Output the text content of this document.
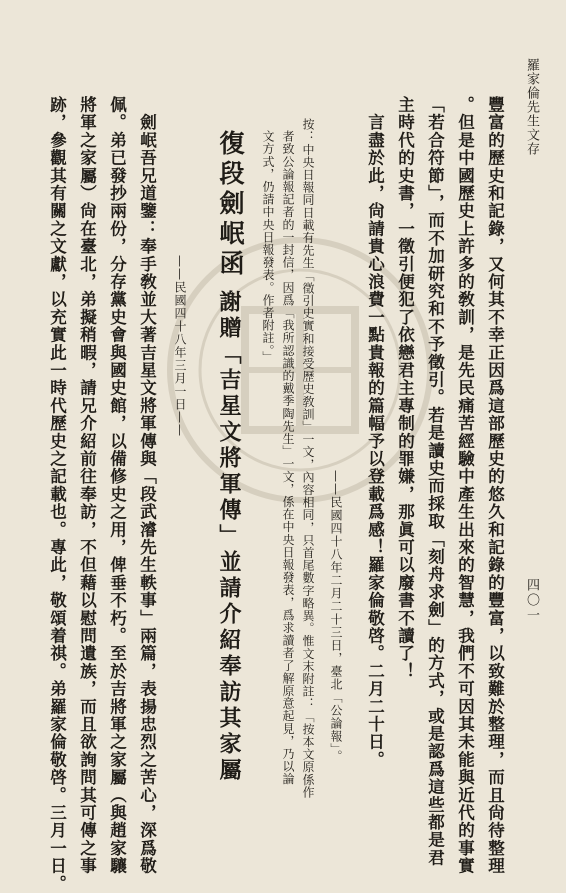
羅家倫先生文存
四〇一
豐富的歷史和記錄，又何其不幸正因爲這部歷史的悠久和記錄的豐富，以致難於整理，而且尙待整理
。但是中國歷史上許多的敎訓，是先民痛苦經驗中產生出來的智慧，我們不可因其未能與近代的事實
「若合符節」，而不加研究和不予徵引。若是讀史而採取「刻舟求劍」的方式，或是認爲這些都是君
主時代的史書，一徵引便犯了依戀君主專制的罪嫌，那眞可以廢書不讀了！
　言盡於此，尙請貴心浪費一點貴報的篇幅予以登載爲感！羅家倫敬啓。二月二十日。
——民國四十八年二月二十三日，臺北「公論報」。
按：中央日報同日載有先生「徵引史實和接受歷史敎訓」一文，內容相同，只首尾數字略異。惟文末附註：「按本文原係作
者致公論報記者的一封信，因爲「我所認識的戴季陶先生」一文，係在中央日報發表，爲求讀者了解原意起見，乃以論
文方式，仍請中央日報發表。作者附註。」
復段劍岷函
謝贈「吉星文將軍傳」並請介紹奉訪其家屬
——民國四十八年三月一日——
　劍岷吾兄道鑒：奉手敎並大著吉星文將軍傳與「段武濬先生軼事」兩篇，表揚忠烈之苦心，深爲敬
佩。弟已發抄兩份，分存黨史會與國史館，以備修史之用，俾垂不朽。至於吉將軍之家屬（與趙家驤
將軍之家屬）尙在臺北，弟擬稍暇，請兄介紹前往奉訪，不但藉以慰問遺族，而且欲詢問其可傳之事
跡，參觀其有關之文獻，以充實此一時代歷史之記載也。專此，敬頌着祺。弟羅家倫敬啓。三月一日。
